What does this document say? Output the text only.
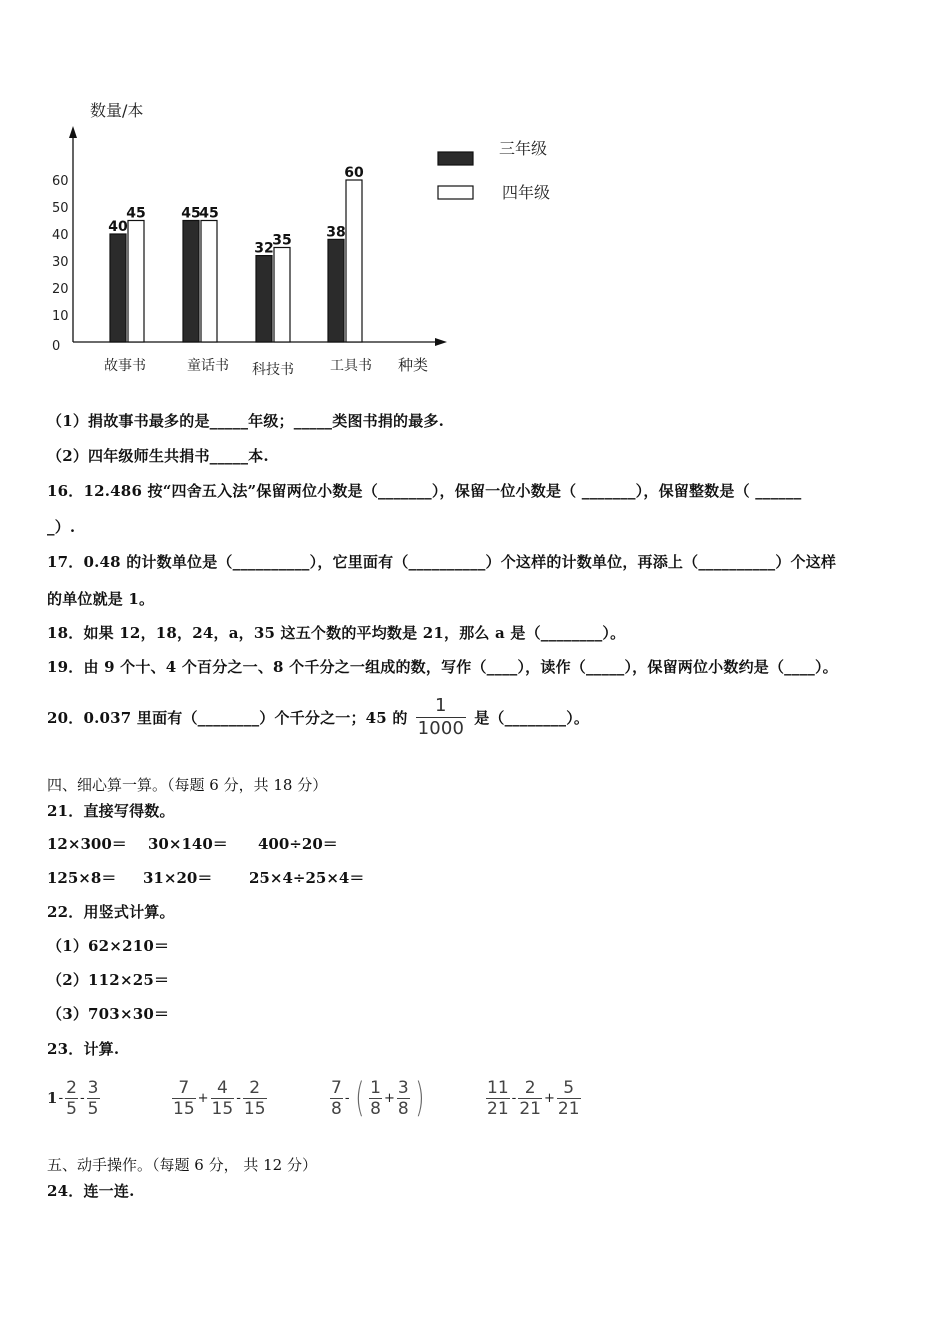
数量/本
种类
0
10
20
30
40
50
60
40
45
故事书
45
45
童话书
32
35
科技书
38
60
工具书
三年级
四年级
（1）捐故事书最多的是_____年级；_____类图书捐的最多.
（2）四年级师生共捐书_____本.
16．12.486 按“四舍五入法”保留两位小数是（_______），保留一位小数是（ _______），保留整数是（ ______
_）.
17．0.48 的计数单位是（__________），它里面有（__________）个这样的计数单位，再添上（__________）个这样
的单位就是 1。
18．如果 12，18，24，a，35 这五个数的平均数是 21，那么 a 是（________）。
19．由 9 个十、4 个百分之一、8 个千分之一组成的数，写作（____），读作（_____），保留两位小数约是（____）。
20．0.037 里面有（________）个千分之一；45 的 $\frac{1}{1000}$ 是（________）。
四、细心算一算。（每题 6 分，共 18 分）
21．直接写得数。
12×300＝ 30×140＝ 400÷20＝
125×8＝ 31×20＝ 25×4÷25×4＝
22．用竖式计算。
（1）62×210＝
（2）112×25＝
（3）703×30＝
23．计算.
$1 - \frac{2}{5} - \frac{3}{5}$	$\frac{7}{15} + \frac{4}{15} - \frac{2}{15}$	$\frac{7}{8}$ - ( $\frac{1}{8} + \frac{3}{8}$ )	$\frac{11}{21} - \frac{2}{21} + \frac{5}{21}$
五、动手操作。（每题 6 分， 共 12 分）
24．连一连.
